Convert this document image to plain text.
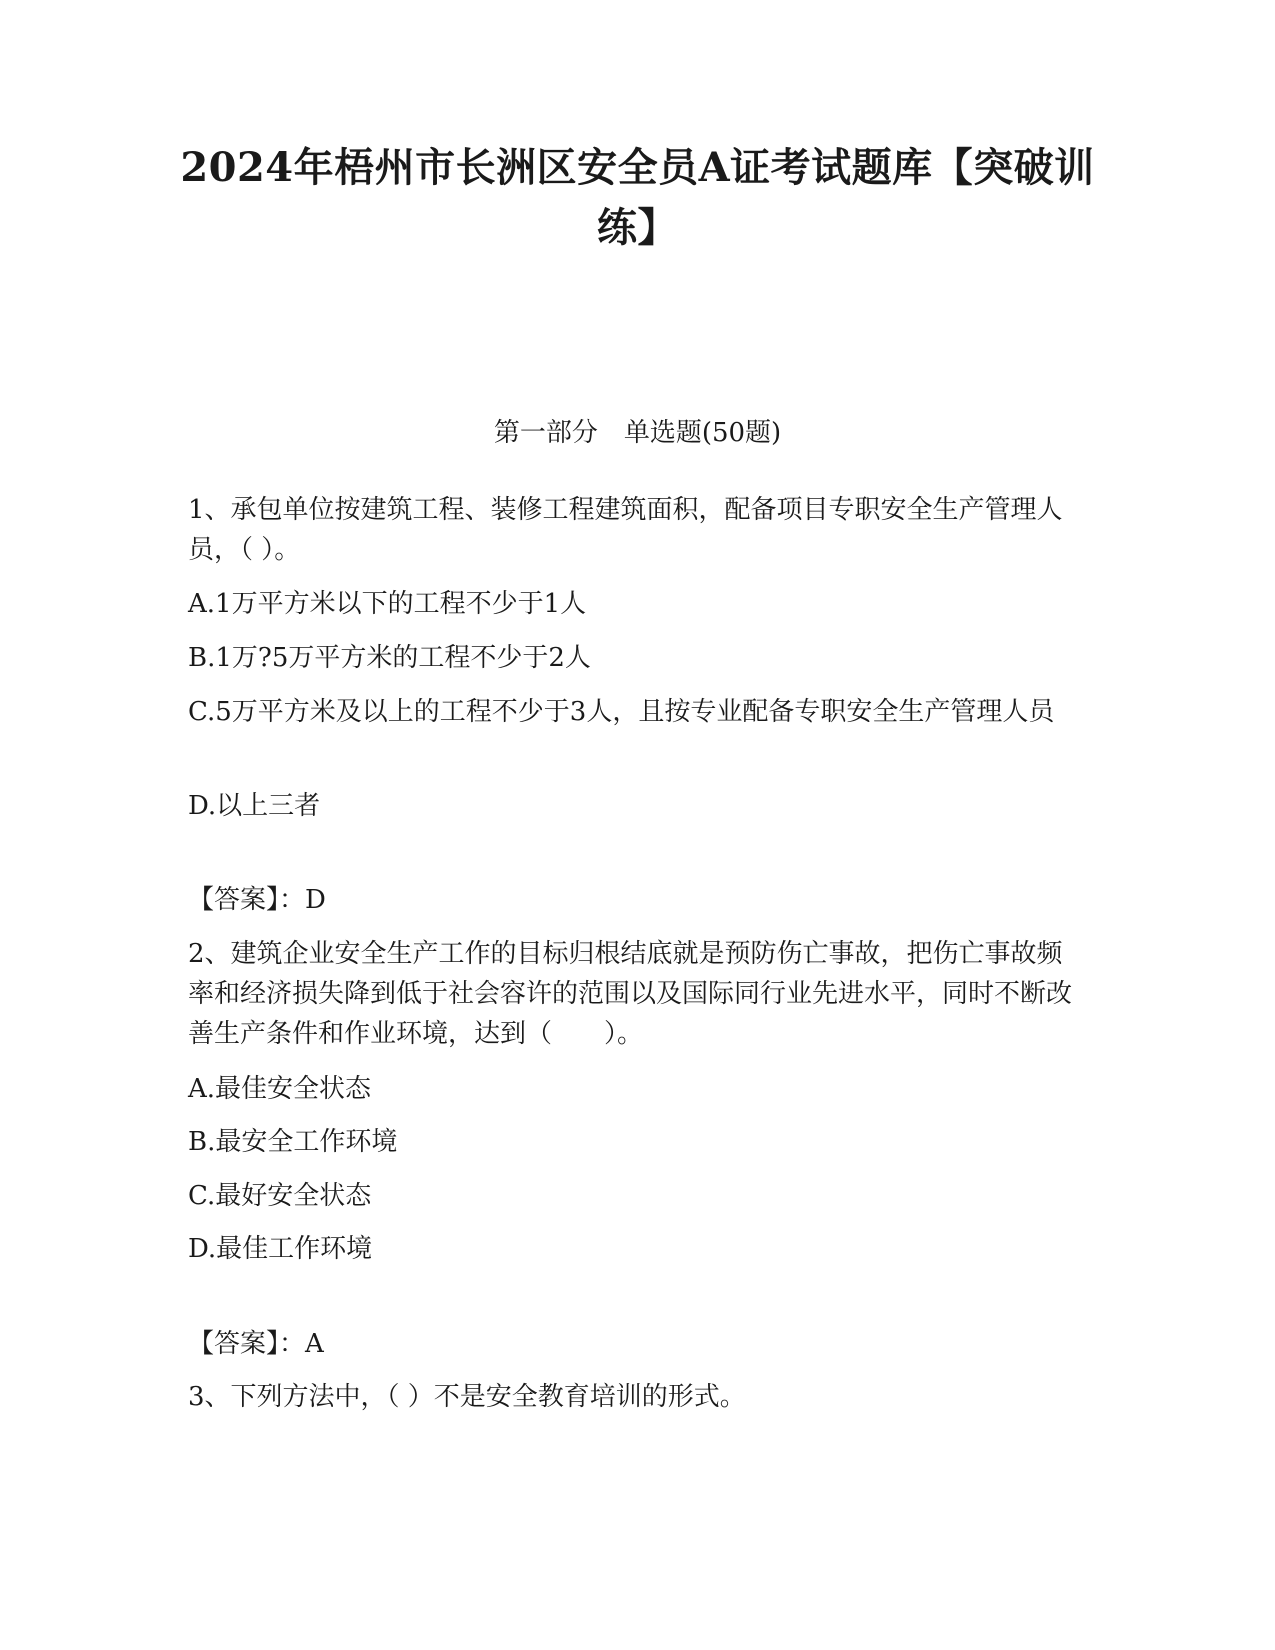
2024年梧州市长洲区安全员A证考试题库【突破训练】

第一部分　单选题(50题)

1、承包单位按建筑工程、装修工程建筑面积，配备项目专职安全生产管理人员，（ ）。

A.1万平方米以下的工程不少于1人

B.1万?5万平方米的工程不少于2人

C.5万平方米及以上的工程不少于3人，且按专业配备专职安全生产管理人员

D.以上三者

【答案】：D

2、建筑企业安全生产工作的目标归根结底就是预防伤亡事故，把伤亡事故频率和经济损失降到低于社会容许的范围以及国际同行业先进水平，同时不断改善生产条件和作业环境，达到（　　）。

A.最佳安全状态

B.最安全工作环境

C.最好安全状态

D.最佳工作环境

【答案】：A

3、下列方法中，（ ）不是安全教育培训的形式。
